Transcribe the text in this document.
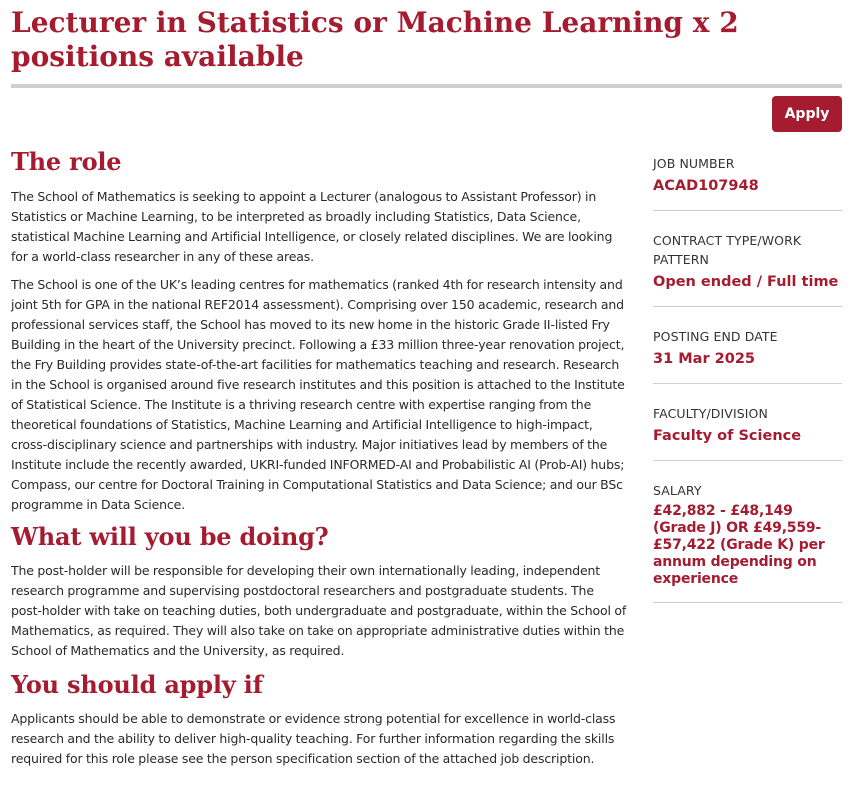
Lecturer in Statistics or Machine Learning x 2 positions available
Apply
The role

The School of Mathematics is seeking to appoint a Lecturer (analogous to Assistant Professor) in Statistics or Machine Learning, to be interpreted as broadly including Statistics, Data Science, statistical Machine Learning and Artificial Intelligence, or closely related disciplines. We are looking for a world-class researcher in any of these areas.

The School is one of the UK’s leading centres for mathematics (ranked 4th for research intensity and joint 5th for GPA in the national REF2014 assessment). Comprising over 150 academic, research and professional services staff, the School has moved to its new home in the historic Grade II-listed Fry Building in the heart of the University precinct. Following a £33 million three-year renovation project, the Fry Building provides state-of-the-art facilities for mathematics teaching and research. Research in the School is organised around five research institutes and this position is attached to the Institute of Statistical Science. The Institute is a thriving research centre with expertise ranging from the theoretical foundations of Statistics, Machine Learning and Artificial Intelligence to high-impact, cross-disciplinary science and partnerships with industry. Major initiatives lead by members of the Institute include the recently awarded, UKRI-funded INFORMED-AI and Probabilistic AI (Prob-AI) hubs; Compass, our centre for Doctoral Training in Computational Statistics and Data Science; and our BSc programme in Data Science.

What will you be doing?

The post-holder will be responsible for developing their own internationally leading, independent research programme and supervising postdoctoral researchers and postgraduate students. The post-holder with take on teaching duties, both undergraduate and postgraduate, within the School of Mathematics, as required. They will also take on take on appropriate administrative duties within the School of Mathematics and the University, as required.

You should apply if

Applicants should be able to demonstrate or evidence strong potential for excellence in world-class research and the ability to deliver high-quality teaching. For further information regarding the skills required for this role please see the person specification section of the attached job description.

JOB NUMBER
ACAD107948
CONTRACT TYPE/WORK PATTERN
Open ended / Full time
POSTING END DATE
31 Mar 2025
FACULTY/DIVISION
Faculty of Science
SALARY
£42,882 - £48,149 (Grade J) OR £49,559-£57,422 (Grade K) per annum depending on experience
